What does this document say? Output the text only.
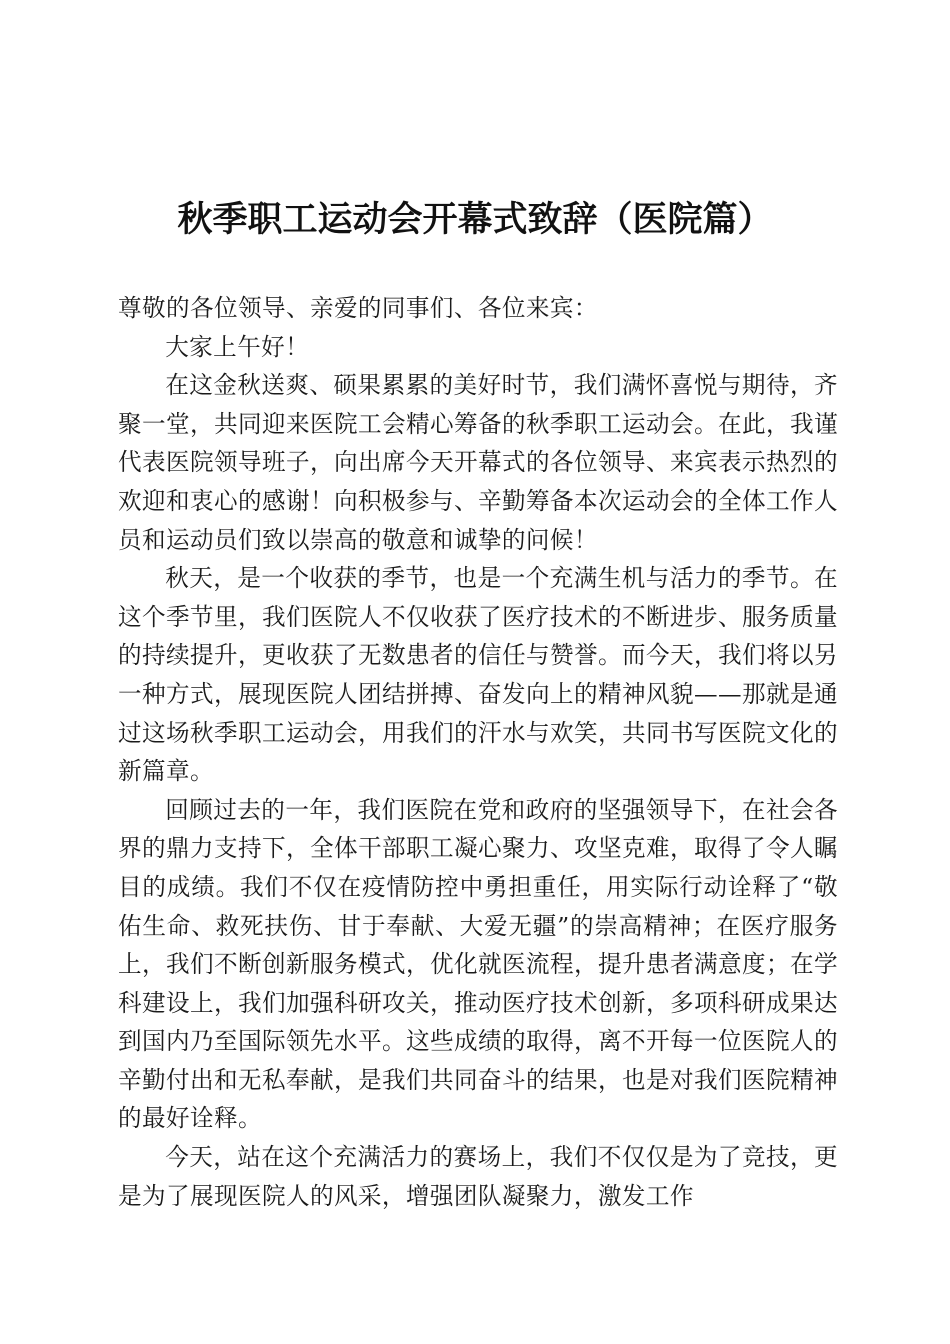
秋季职工运动会开幕式致辞（医院篇）

尊敬的各位领导、亲爱的同事们、各位来宾：

大家上午好！

在这金秋送爽、硕果累累的美好时节，我们满怀喜悦与期待，齐聚一堂，共同迎来医院工会精心筹备的秋季职工运动会。在此，我谨代表医院领导班子，向出席今天开幕式的各位领导、来宾表示热烈的欢迎和衷心的感谢！向积极参与、辛勤筹备本次运动会的全体工作人员和运动员们致以崇高的敬意和诚挚的问候！

秋天，是一个收获的季节，也是一个充满生机与活力的季节。在这个季节里，我们医院人不仅收获了医疗技术的不断进步、服务质量的持续提升，更收获了无数患者的信任与赞誉。而今天，我们将以另一种方式，展现医院人团结拼搏、奋发向上的精神风貌——那就是通过这场秋季职工运动会，用我们的汗水与欢笑，共同书写医院文化的新篇章。

回顾过去的一年，我们医院在党和政府的坚强领导下，在社会各界的鼎力支持下，全体干部职工凝心聚力、攻坚克难，取得了令人瞩目的成绩。我们不仅在疫情防控中勇担重任，用实际行动诠释了“敬佑生命、救死扶伤、甘于奉献、大爱无疆”的崇高精神；在医疗服务上，我们不断创新服务模式，优化就医流程，提升患者满意度；在学科建设上，我们加强科研攻关，推动医疗技术创新，多项科研成果达到国内乃至国际领先水平。这些成绩的取得，离不开每一位医院人的辛勤付出和无私奉献，是我们共同奋斗的结果，也是对我们医院精神的最好诠释。

今天，站在这个充满活力的赛场上，我们不仅仅是为了竞技，更是为了展现医院人的风采，增强团队凝聚力，激发工作
